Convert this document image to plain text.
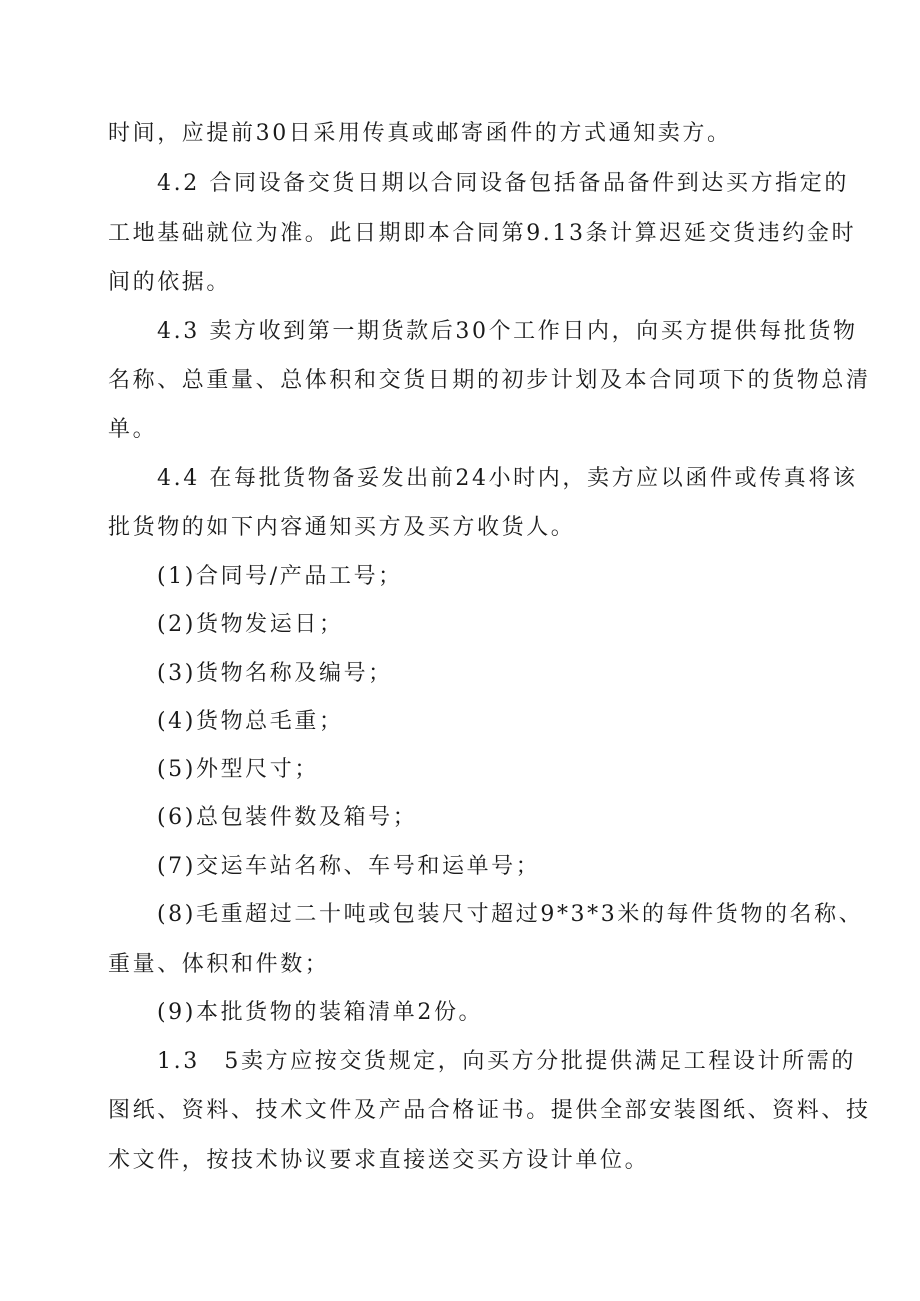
时间，应提前30日采用传真或邮寄函件的方式通知卖方。
4.2 合同设备交货日期以合同设备包括备品备件到达买方指定的
工地基础就位为准。此日期即本合同第9.13条计算迟延交货违约金时
间的依据。
4.3 卖方收到第一期货款后30个工作日内，向买方提供每批货物
名称、总重量、总体积和交货日期的初步计划及本合同项下的货物总清
单。
4.4 在每批货物备妥发出前24小时内，卖方应以函件或传真将该
批货物的如下内容通知买方及买方收货人。
(1)合同号/产品工号；
(2)货物发运日；
(3)货物名称及编号；
(4)货物总毛重；
(5)外型尺寸；
(6)总包装件数及箱号；
(7)交运车站名称、车号和运单号；
(8)毛重超过二十吨或包装尺寸超过9*3*3米的每件货物的名称、
重量、体积和件数；
(9)本批货物的装箱清单2份。
1.3　5卖方应按交货规定，向买方分批提供满足工程设计所需的
图纸、资料、技术文件及产品合格证书。提供全部安装图纸、资料、技
术文件，按技术协议要求直接送交买方设计单位。
